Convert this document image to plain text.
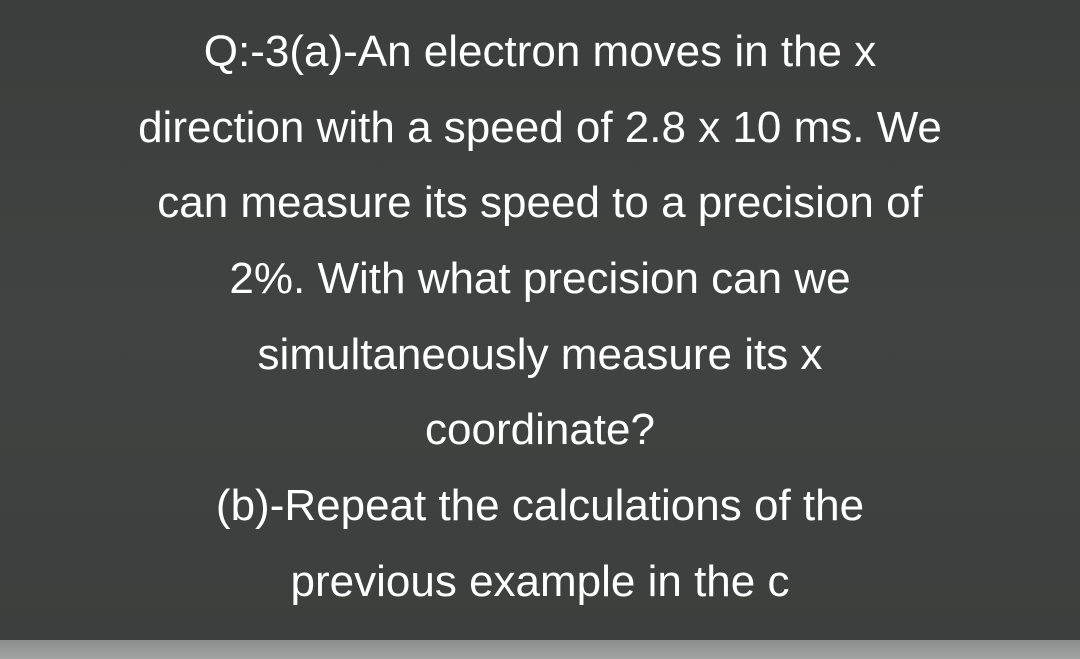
Q:-3(a)-An electron moves in the x
direction with a speed of 2.8 x 10 ms. We
can measure its speed to a precision of
2%. With what precision can we
simultaneously measure its x
coordinate?
(b)-Repeat the calculations of the
previous example in the c
